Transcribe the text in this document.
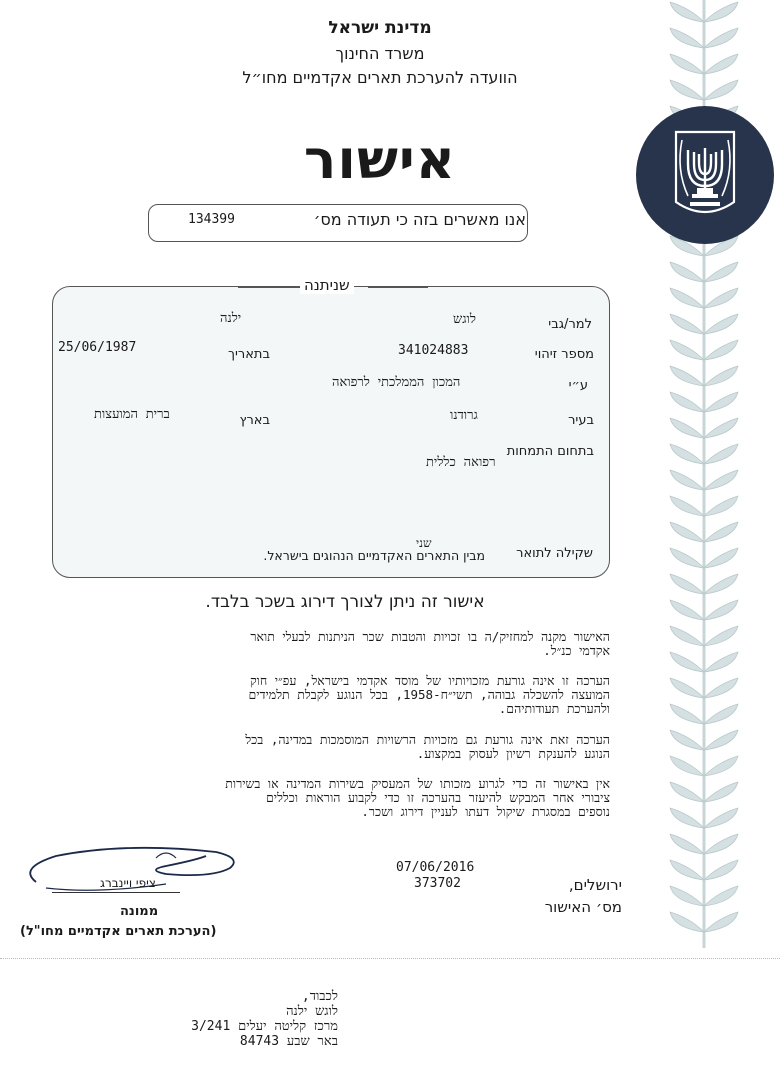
מדינת ישראל
משרד החינוך
הוועדה להערכת תארים אקדמיים מחו״ל
אישור
אנו מאשרים בזה כי תעודה מס׳
134399
שניתנה
למר/גבי
לוגש
ילנה
מספר זיהוי
341024883
בתאריך
25/06/1987
ע״י
המכון הממלכתי לרפואה
בעיר
גרודנו
בארץ
ברית המועצות
בתחום התמחות
רפואה כללית
שני
שקילה לתואר
מבין התארים האקדמיים הנהוגים בישראל.
אישור זה ניתן לצורך דירוג בשכר בלבד.
האישור מקנה למחזיק/ה בו זכויות והטבות שכר הניתנות לבעלי תואר
אקדמי כנ״ל.
הערכה זו אינה גורעת מזכויותיו של מוסד אקדמי בישראל, עפ״י חוק
המועצה להשכלה גבוהה, תשי״ח-1958, בכל הנוגע לקבלת תלמידים
ולהערכת תעודותיהם.
הערכה זאת אינה גורעת גם מזכויות הרשויות המוסמכות במדינה, בכל
הנוגע להענקת רשיון לעסוק במקצוע.
אין באישור זה כדי לגרוע מזכותו של המעסיק בשירות המדינה או בשירות
ציבורי אחר המבקש להיעזר בהערכה זו כדי לקבוע הוראות וכללים
נוספים במסגרת שיקול דעתו לעניין דירוג ושכר.
07/06/2016
373702	ירושלים,
מס׳ האישור
ציפי ויינברג
ממונה
(הערכת תארים אקדמיים מחו"ל)
לכבוד,
לוגש ילנה
מרכז קליטה יעלים 3/241
באר שבע 84743
